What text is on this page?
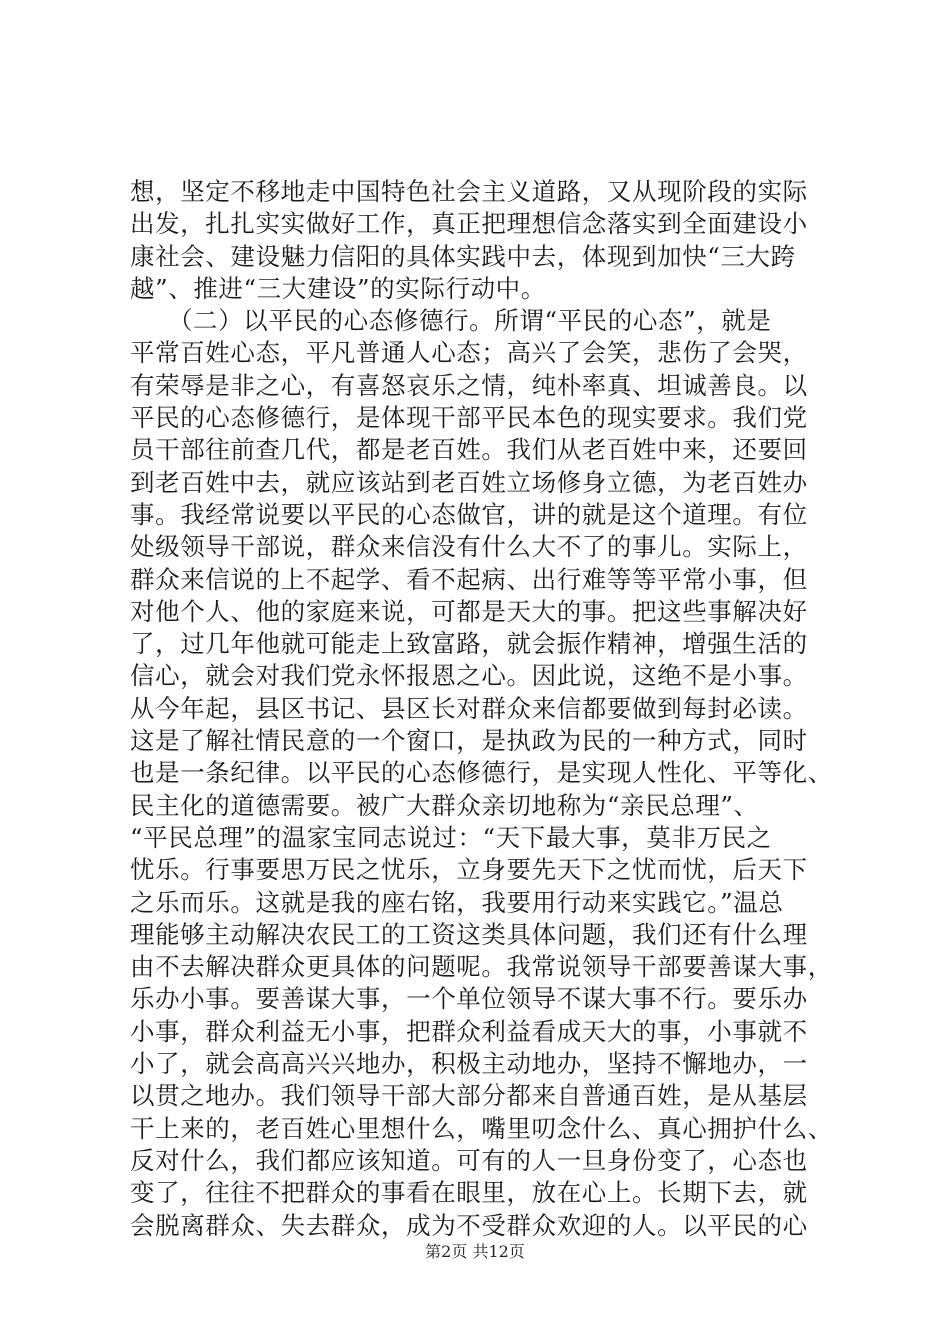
想，坚定不移地走中国特色社会主义道路，又从现阶段的实际
出发，扎扎实实做好工作，真正把理想信念落实到全面建设小
康社会、建设魅力信阳的具体实践中去，体现到加快“三大跨
越”、推进“三大建设”的实际行动中。
　　（二）以平民的心态修德行。所谓“平民的心态”，就是
平常百姓心态，平凡普通人心态；高兴了会笑，悲伤了会哭，
有荣辱是非之心，有喜怒哀乐之情，纯朴率真、坦诚善良。以
平民的心态修德行，是体现干部平民本色的现实要求。我们党
员干部往前查几代，都是老百姓。我们从老百姓中来，还要回
到老百姓中去，就应该站到老百姓立场修身立德，为老百姓办
事。我经常说要以平民的心态做官，讲的就是这个道理。有位
处级领导干部说，群众来信没有什么大不了的事儿。实际上，
群众来信说的上不起学、看不起病、出行难等等平常小事，但
对他个人、他的家庭来说，可都是天大的事。把这些事解决好
了，过几年他就可能走上致富路，就会振作精神，增强生活的
信心，就会对我们党永怀报恩之心。因此说，这绝不是小事。
从今年起，县区书记、县区长对群众来信都要做到每封必读。
这是了解社情民意的一个窗口，是执政为民的一种方式，同时
也是一条纪律。以平民的心态修德行，是实现人性化、平等化、
民主化的道德需要。被广大群众亲切地称为“亲民总理”、
“平民总理”的温家宝同志说过：“天下最大事，莫非万民之
忧乐。行事要思万民之忧乐，立身要先天下之忧而忧，后天下
之乐而乐。这就是我的座右铭，我要用行动来实践它。”温总
理能够主动解决农民工的工资这类具体问题，我们还有什么理
由不去解决群众更具体的问题呢。我常说领导干部要善谋大事，
乐办小事。要善谋大事，一个单位领导不谋大事不行。要乐办
小事，群众利益无小事，把群众利益看成天大的事，小事就不
小了，就会高高兴兴地办，积极主动地办，坚持不懈地办，一
以贯之地办。我们领导干部大部分都来自普通百姓，是从基层
干上来的，老百姓心里想什么，嘴里叨念什么、真心拥护什么、
反对什么，我们都应该知道。可有的人一旦身份变了，心态也
变了，往往不把群众的事看在眼里，放在心上。长期下去，就
会脱离群众、失去群众，成为不受群众欢迎的人。以平民的心
第2页 共12页
